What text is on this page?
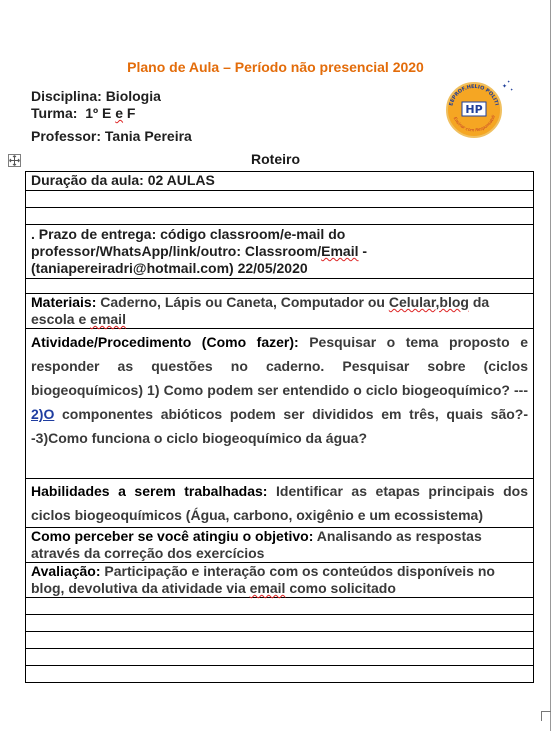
Plano de Aula – Período não presencial 2020
Disciplina: Biologia
Turma: 1º E e F
Professor: Tania Pereira
✦
✦
✦
EEPROF.HELIO POLITI
HP
Ensinar com Responsabili
Roteiro
Duração da aula: 02 AULAS

. Prazo de entrega: código classroom/e-mail do professor/WhatsApp/link/outro: Classroom/Email - (taniapereiradri@hotmail.com) 22/05/2020

Materiais: Caderno, Lápis ou Caneta, Computador ou Celular,blog da escola e email
Atividade/Procedimento (Como fazer): Pesquisar o tema proposto e responder as questões no caderno. Pesquisar sobre (ciclos biogeoquímicos) 1) Como podem ser entendido o ciclo biogeoquímico? --- 2)O componentes abióticos podem ser divididos em três, quais são?--3)Como funciona o ciclo biogeoquímico da água?
Habilidades a serem trabalhadas: Identificar as etapas principais dos ciclos biogeoquímicos (Água, carbono, oxigênio e um ecossistema)
Como perceber se você atingiu o objetivo: Analisando as respostas através da correção dos exercícios
Avaliação: Participação e interação com os conteúdos disponíveis no blog, devolutiva da atividade via email como solicitado
